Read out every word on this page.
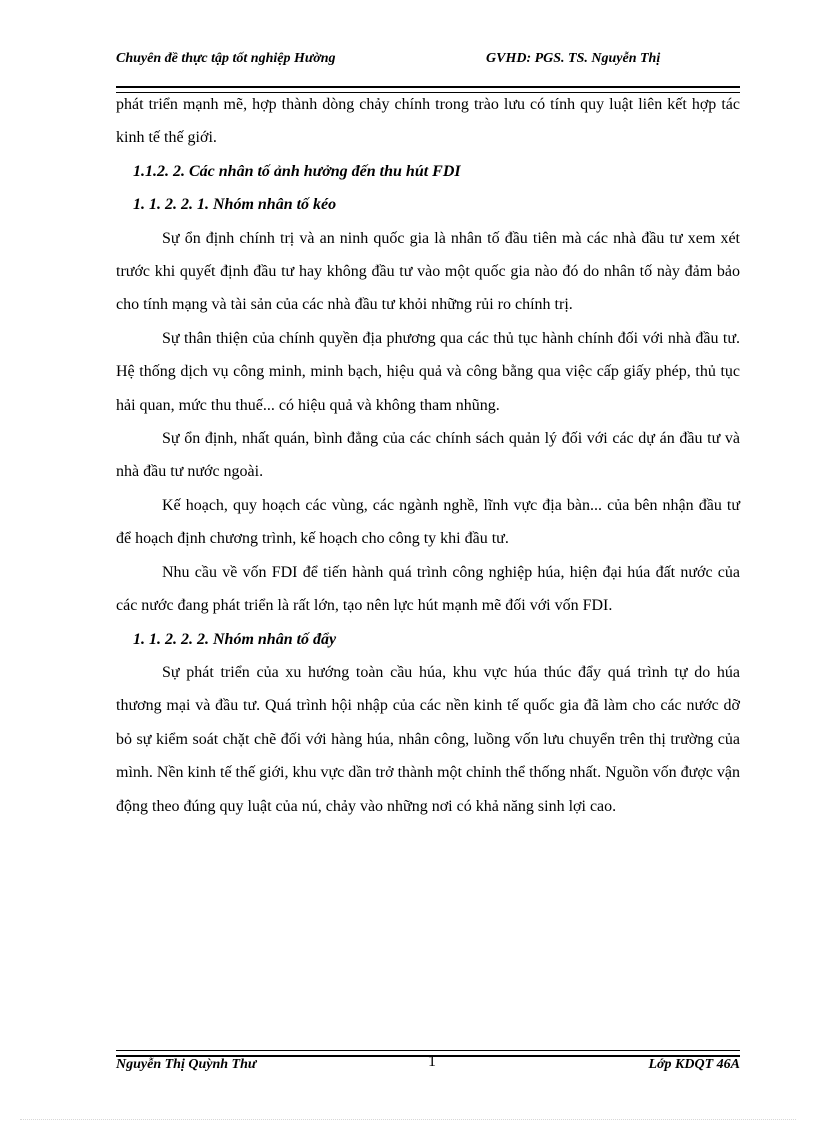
Chuyên đề thực tập tốt nghiệp Hường	GVHD: PGS. TS. Nguyễn Thị

phát triển mạnh mẽ, hợp thành dòng chảy chính trong trào lưu có tính quy luật liên kết hợp tác kinh tế thế giới.

1.1.2. 2. Các nhân tố ảnh hưởng đến thu hút FDI

1. 1. 2. 2. 1. Nhóm nhân tố kéo

Sự ổn định chính trị và an ninh quốc gia là nhân tố đầu tiên mà các nhà đầu tư xem xét trước khi quyết định đầu tư hay không đầu tư vào một quốc gia nào đó do nhân tố này đảm bảo cho tính mạng và tài sản của các nhà đầu tư khỏi những rủi ro chính trị.

Sự thân thiện của chính quyền địa phương qua các thủ tục hành chính đối với nhà đầu tư. Hệ thống dịch vụ công minh, minh bạch, hiệu quả và công bằng qua việc cấp giấy phép, thủ tục hải quan, mức thu thuế... có hiệu quả và không tham nhũng.

Sự ổn định, nhất quán, bình đẳng của các chính sách quản lý đối với các dự án đầu tư và nhà đầu tư nước ngoài.

Kế hoạch, quy hoạch các vùng, các ngành nghề, lĩnh vực địa bàn... của bên nhận đầu tư để hoạch định chương trình, kế hoạch cho công ty khi đầu tư.

Nhu cầu về vốn FDI để tiến hành quá trình công nghiệp húa, hiện đại húa đất nước của các nước đang phát triển là rất lớn, tạo nên lực hút mạnh mẽ đối với vốn FDI.

1. 1. 2. 2. 2. Nhóm nhân tố đẩy

Sự phát triển của xu hướng toàn cầu húa, khu vực húa thúc đẩy quá trình tự do húa thương mại và đầu tư. Quá trình hội nhập của các nền kinh tế quốc gia đã làm cho các nước dỡ bỏ sự kiểm soát chặt chẽ đối với hàng húa, nhân công, luồng vốn lưu chuyển trên thị trường của mình. Nền kinh tế thế giới, khu vực dần trở thành một chỉnh thể thống nhất. Nguồn vốn được vận động theo đúng quy luật của nú, chảy vào những nơi có khả năng sinh lợi cao.

Nguyễn Thị Quỳnh Thư	1	Lớp KDQT 46A
